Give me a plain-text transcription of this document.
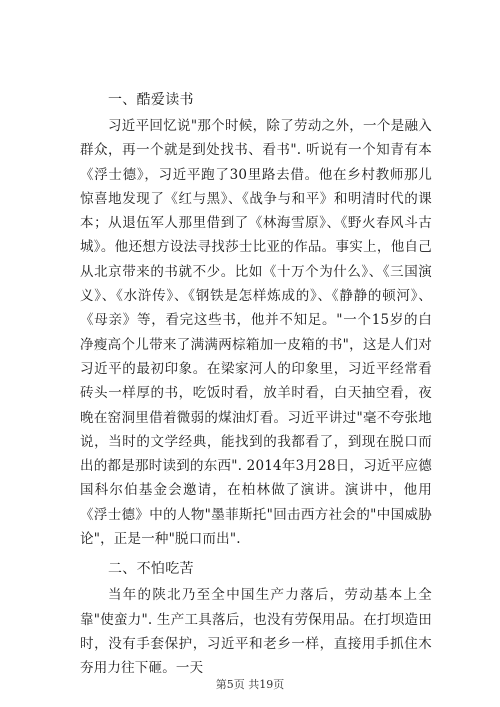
一、酷爱读书

习近平回忆说"那个时候，除了劳动之外，一个是融入群众，再一个就是到处找书、看书". 听说有一个知青有本《浮士德》，习近平跑了30里路去借。他在乡村教师那儿惊喜地发现了《红与黑》、《战争与和平》和明清时代的课本；从退伍军人那里借到了《林海雪原》、《野火春风斗古城》。他还想方设法寻找莎士比亚的作品。事实上，他自己从北京带来的书就不少。比如《十万个为什么》、《三国演义》、《水浒传》、《钢铁是怎样炼成的》、《静静的顿河》、《母亲》等，看完这些书，他并不知足。"一个15岁的白净瘦高个儿带来了满满两棕箱加一皮箱的书"，这是人们对习近平的最初印象。在梁家河人的印象里，习近平经常看砖头一样厚的书，吃饭时看，放羊时看，白天抽空看，夜晚在窑洞里借着微弱的煤油灯看。习近平讲过"毫不夸张地说，当时的文学经典，能找到的我都看了，到现在脱口而出的都是那时读到的东西". 2014年3月28日，习近平应德国科尔伯基金会邀请，在柏林做了演讲。演讲中，他用《浮士德》中的人物"墨菲斯托"回击西方社会的"中国威胁论"，正是一种"脱口而出".

二、不怕吃苦

当年的陕北乃至全中国生产力落后，劳动基本上全靠"使蛮力". 生产工具落后，也没有劳保用品。在打坝造田时，没有手套保护，习近平和老乡一样，直接用手抓住木夯用力往下砸。一天

第5页 共19页
